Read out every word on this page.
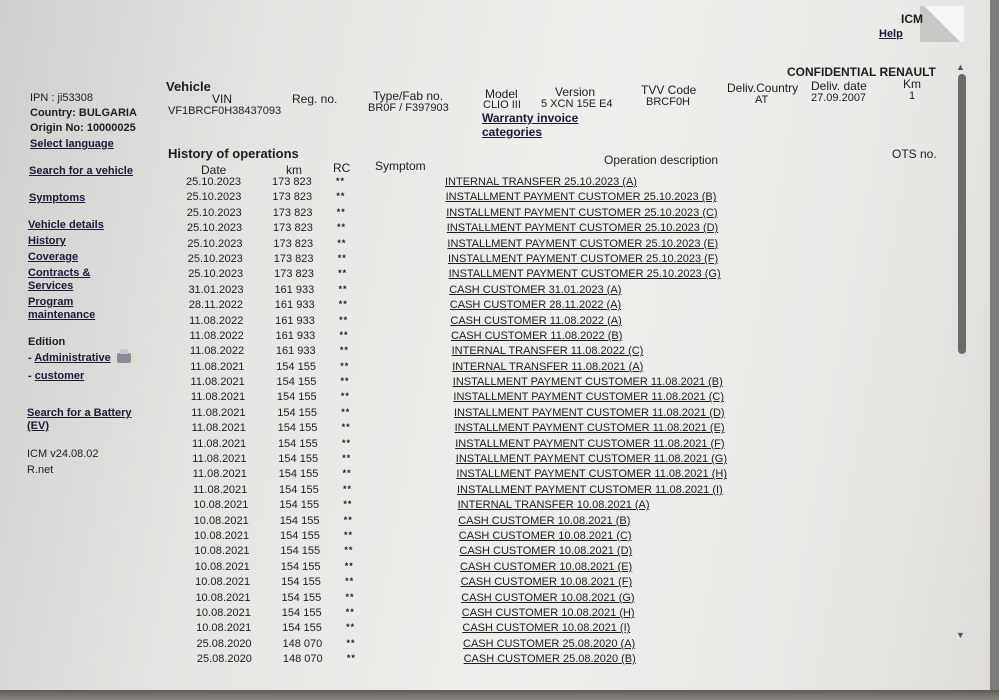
ICM
Help
CONFIDENTIAL RENAULT
IPN : ji53308
Country: BULGARIA
Origin No: 10000025
Select language
Vehicle
VIN
VF1BRCF0H38437093
Reg. no.	Type/Fab no.
BR0F / F397903
Model
CLIO III
Version
5 XCN 15E E4
TVV Code
BRCF0H
Deliv.Country
AT
Deliv. date
27.09.2007
Km
1
Warranty invoice
categories
Search for a vehicle
Symptoms
Vehicle details
History
Coverage
Contracts &
Services
Program
maintenance
Edition
- Administrative
- customer
Search for a Battery
(EV)
ICM v24.08.02
R.net
History of operations
Date	km	RC Symptom	Operation description	OTS no.
25.10.2023	173 823	**	INTERNAL TRANSFER 25.10.2023 (A)
25.10.2023	173 823	**	INSTALLMENT PAYMENT CUSTOMER 25.10.2023 (B)
25.10.2023	173 823	**	INSTALLMENT PAYMENT CUSTOMER 25.10.2023 (C)
25.10.2023	173 823	**	INSTALLMENT PAYMENT CUSTOMER 25.10.2023 (D)
25.10.2023	173 823	**	INSTALLMENT PAYMENT CUSTOMER 25.10.2023 (E)
25.10.2023	173 823	**	INSTALLMENT PAYMENT CUSTOMER 25.10.2023 (F)
25.10.2023	173 823	**	INSTALLMENT PAYMENT CUSTOMER 25.10.2023 (G)
31.01.2023	161 933	**	CASH CUSTOMER 31.01.2023 (A)
28.11.2022	161 933	**	CASH CUSTOMER 28.11.2022 (A)
11.08.2022	161 933	**	CASH CUSTOMER 11.08.2022 (A)
11.08.2022	161 933	**	CASH CUSTOMER 11.08.2022 (B)
11.08.2022	161 933	**	INTERNAL TRANSFER 11.08.2022 (C)
11.08.2021	154 155	**	INTERNAL TRANSFER 11.08.2021 (A)
11.08.2021	154 155	**	INSTALLMENT PAYMENT CUSTOMER 11.08.2021 (B)
11.08.2021	154 155	**	INSTALLMENT PAYMENT CUSTOMER 11.08.2021 (C)
11.08.2021	154 155	**	INSTALLMENT PAYMENT CUSTOMER 11.08.2021 (D)
11.08.2021	154 155	**	INSTALLMENT PAYMENT CUSTOMER 11.08.2021 (E)
11.08.2021	154 155	**	INSTALLMENT PAYMENT CUSTOMER 11.08.2021 (F)
11.08.2021	154 155	**	INSTALLMENT PAYMENT CUSTOMER 11.08.2021 (G)
11.08.2021	154 155	**	INSTALLMENT PAYMENT CUSTOMER 11.08.2021 (H)
11.08.2021	154 155	**	INSTALLMENT PAYMENT CUSTOMER 11.08.2021 (I)
10.08.2021	154 155	**	INTERNAL TRANSFER 10.08.2021 (A)
10.08.2021	154 155	**	CASH CUSTOMER 10.08.2021 (B)
10.08.2021	154 155	**	CASH CUSTOMER 10.08.2021 (C)
10.08.2021	154 155	**	CASH CUSTOMER 10.08.2021 (D)
10.08.2021	154 155	**	CASH CUSTOMER 10.08.2021 (E)
10.08.2021	154 155	**	CASH CUSTOMER 10.08.2021 (F)
10.08.2021	154 155	**	CASH CUSTOMER 10.08.2021 (G)
10.08.2021	154 155	**	CASH CUSTOMER 10.08.2021 (H)
10.08.2021	154 155	**	CASH CUSTOMER 10.08.2021 (I)
25.08.2020	148 070	**	CASH CUSTOMER 25.08.2020 (A)
25.08.2020	148 070	**	CASH CUSTOMER 25.08.2020 (B)
▲
▼
